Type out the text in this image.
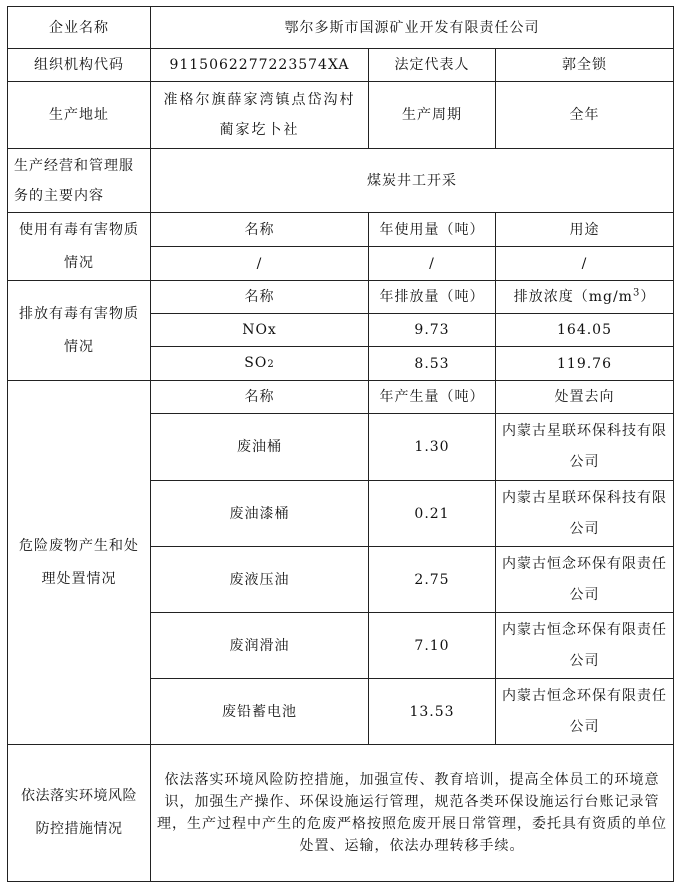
企业名称	鄂尔多斯市国源矿业开发有限责任公司		
组织机构代码	9115062277223574XA	法定代表人	郭全锁
生产地址	准格尔旗薛家湾镇点岱沟村蔺家圪卜社	生产周期	全年
生产经营和管理服务的主要内容	煤炭井工开采		
使用有毒有害物质情况	名称	年使用量（吨）	用途
	/	/	/
排放有毒有害物质情况	名称	年排放量（吨）	排放浓度$(mg/m^3)$
	NOx	9.73	164.05
	SO2	8.53	119.76
危险废物产生和处理处置情况	名称	年产生量（吨）	处置去向
	废油桶	1.30	内蒙古星联环保科技有限公司
	废油漆桶	0.21	内蒙古星联环保科技有限公司
	废液压油	2.75	内蒙古恒念环保有限责任公司
	废润滑油	7.10	内蒙古恒念环保有限责任公司
	废铅蓄电池	13.53	内蒙古恒念环保有限责任公司
依法落实环境风险防控措施情况	依法落实环境风险防控措施，加强宣传、教育培训，提高全体员工的环境意识，加强生产操作、环保设施运行管理，规范各类环保设施运行台账记录管理，生产过程中产生的危废严格按照危废开展日常管理，委托具有资质的单位处置、运输，依法办理转移手续。		
